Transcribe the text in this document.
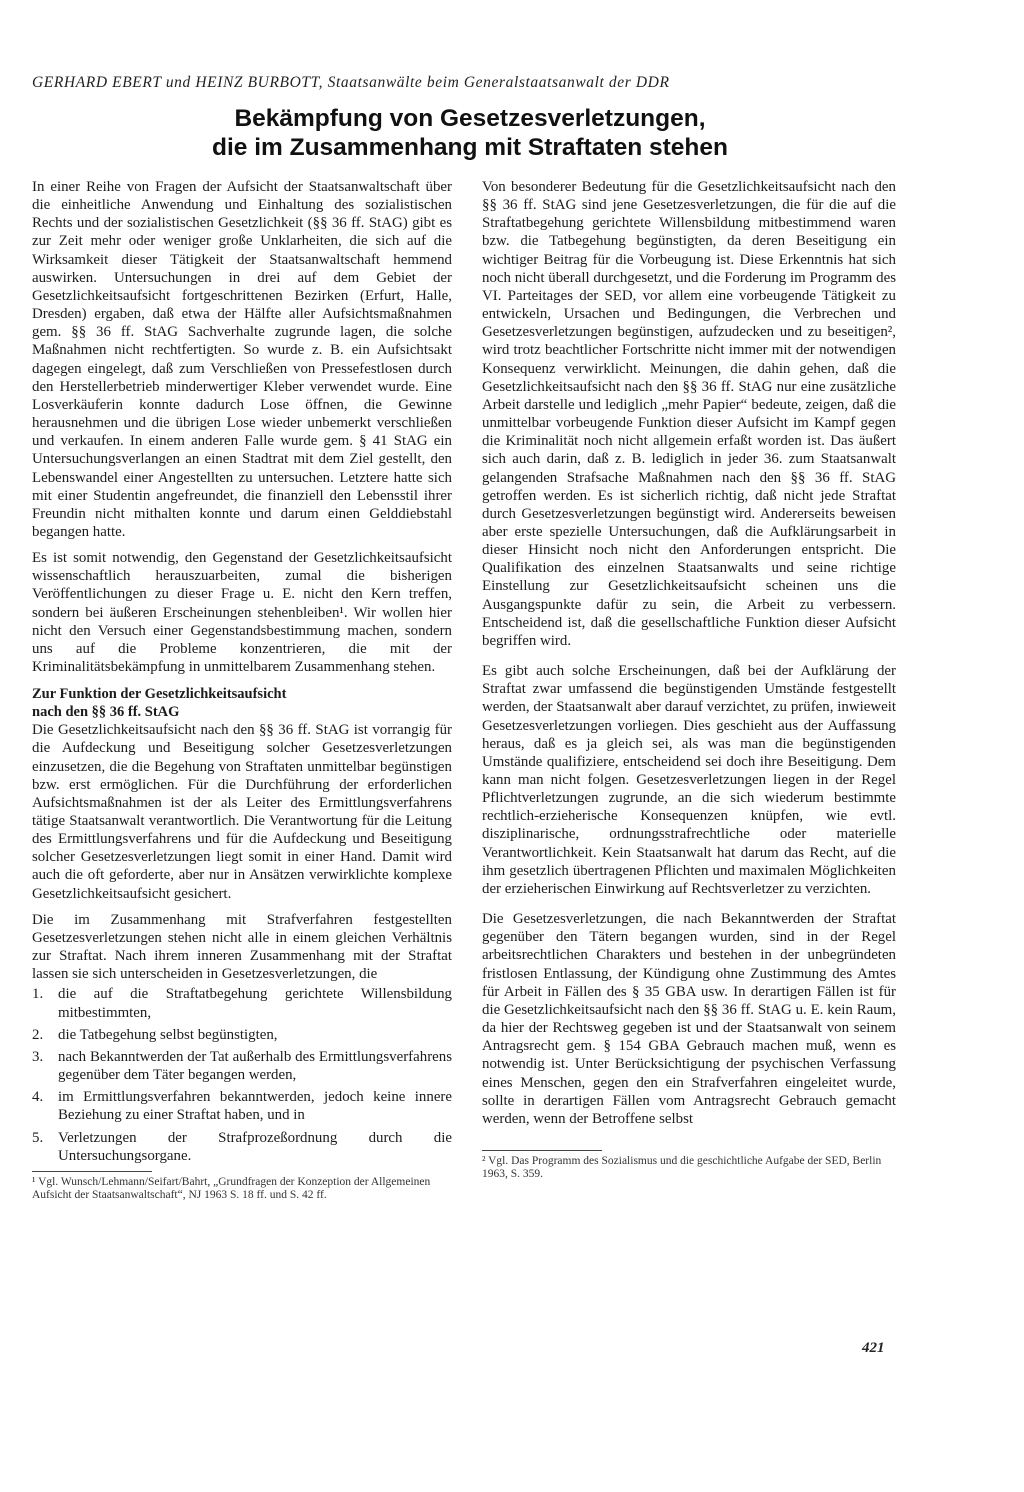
GERHARD EBERT und HEINZ BURBOTT, Staatsanwälte beim Generalstaatsanwalt der DDR
Bekämpfung von Gesetzesverletzungen,
die im Zusammenhang mit Straftaten stehen

In einer Reihe von Fragen der Aufsicht der Staatsanwaltschaft über die einheitliche Anwendung und Einhaltung des sozialistischen Rechts und der sozialistischen Gesetzlichkeit (§§ 36 ff. StAG) gibt es zur Zeit mehr oder weniger große Unklarheiten, die sich auf die Wirksamkeit dieser Tätigkeit der Staatsanwaltschaft hemmend auswirken. Untersuchungen in drei auf dem Gebiet der Gesetzlichkeitsaufsicht fortgeschrittenen Bezirken (Erfurt, Halle, Dresden) ergaben, daß etwa der Hälfte aller Aufsichtsmaßnahmen gem. §§ 36 ff. StAG Sachverhalte zugrunde lagen, die solche Maßnahmen nicht rechtfertigten. So wurde z. B. ein Aufsichtsakt dagegen eingelegt, daß zum Verschließen von Pressefestlosen durch den Herstellerbetrieb minderwertiger Kleber verwendet wurde. Eine Losverkäuferin konnte dadurch Lose öffnen, die Gewinne herausnehmen und die übrigen Lose wieder unbemerkt verschließen und verkaufen. In einem anderen Falle wurde gem. § 41 StAG ein Untersuchungsverlangen an einen Stadtrat mit dem Ziel gestellt, den Lebenswandel einer Angestellten zu untersuchen. Letztere hatte sich mit einer Studentin angefreundet, die finanziell den Lebensstil ihrer Freundin nicht mithalten konnte und darum einen Gelddiebstahl begangen hatte.

Es ist somit notwendig, den Gegenstand der Gesetzlichkeitsaufsicht wissenschaftlich herauszuarbeiten, zumal die bisherigen Veröffentlichungen zu dieser Frage u. E. nicht den Kern treffen, sondern bei äußeren Erscheinungen stehenbleiben¹. Wir wollen hier nicht den Versuch einer Gegenstandsbestimmung machen, sondern uns auf die Probleme konzentrieren, die mit der Kriminalitätsbekämpfung in unmittelbarem Zusammenhang stehen.

Zur Funktion der Gesetzlichkeitsaufsicht
nach den §§ 36 ff. StAG

Die Gesetzlichkeitsaufsicht nach den §§ 36 ff. StAG ist vorrangig für die Aufdeckung und Beseitigung solcher Gesetzesverletzungen einzusetzen, die die Begehung von Straftaten unmittelbar begünstigen bzw. erst ermöglichen. Für die Durchführung der erforderlichen Aufsichtsmaßnahmen ist der als Leiter des Ermittlungsverfahrens tätige Staatsanwalt verantwortlich. Die Verantwortung für die Leitung des Ermittlungsverfahrens und für die Aufdeckung und Beseitigung solcher Gesetzesverletzungen liegt somit in einer Hand. Damit wird auch die oft geforderte, aber nur in Ansätzen verwirklichte komplexe Gesetzlichkeitsaufsicht gesichert.

Die im Zusammenhang mit Strafverfahren festgestellten Gesetzesverletzungen stehen nicht alle in einem gleichen Verhältnis zur Straftat. Nach ihrem inneren Zusammenhang mit der Straftat lassen sie sich unterscheiden in Gesetzesverletzungen, die

1. die auf die Straftatbegehung gerichtete Willensbildung mitbestimmten,
2. die Tatbegehung selbst begünstigten,
3. nach Bekanntwerden der Tat außerhalb des Ermittlungsverfahrens gegenüber dem Täter begangen werden,
4. im Ermittlungsverfahren bekanntwerden, jedoch keine innere Beziehung zu einer Straftat haben, und in
5. Verletzungen der Strafprozeßordnung durch die Untersuchungsorgane.
¹ Vgl. Wunsch/Lehmann/Seifart/Bahrt, „Grundfragen der Konzeption der Allgemeinen Aufsicht der Staatsanwaltschaft“, NJ 1963 S. 18 ff. und S. 42 ff.

Von besonderer Bedeutung für die Gesetzlichkeitsaufsicht nach den §§ 36 ff. StAG sind jene Gesetzesverletzungen, die für die auf die Straftatbegehung gerichtete Willensbildung mitbestimmend waren bzw. die Tatbegehung begünstigten, da deren Beseitigung ein wichtiger Beitrag für die Vorbeugung ist. Diese Erkenntnis hat sich noch nicht überall durchgesetzt, und die Forderung im Programm des VI. Parteitages der SED, vor allem eine vorbeugende Tätigkeit zu entwickeln, Ursachen und Bedingungen, die Verbrechen und Gesetzesverletzungen begünstigen, aufzudecken und zu beseitigen², wird trotz beachtlicher Fortschritte nicht immer mit der notwendigen Konsequenz verwirklicht. Meinungen, die dahin gehen, daß die Gesetzlichkeitsaufsicht nach den §§ 36 ff. StAG nur eine zusätzliche Arbeit darstelle und lediglich „mehr Papier“ bedeute, zeigen, daß die unmittelbar vorbeugende Funktion dieser Aufsicht im Kampf gegen die Kriminalität noch nicht allgemein erfaßt worden ist. Das äußert sich auch darin, daß z. B. lediglich in jeder 36. zum Staatsanwalt gelangenden Strafsache Maßnahmen nach den §§ 36 ff. StAG getroffen werden. Es ist sicherlich richtig, daß nicht jede Straftat durch Gesetzesverletzungen begünstigt wird. Andererseits beweisen aber erste spezielle Untersuchungen, daß die Aufklärungsarbeit in dieser Hinsicht noch nicht den Anforderungen entspricht. Die Qualifikation des einzelnen Staatsanwalts und seine richtige Einstellung zur Gesetzlichkeitsaufsicht scheinen uns die Ausgangspunkte dafür zu sein, die Arbeit zu verbessern. Entscheidend ist, daß die gesellschaftliche Funktion dieser Aufsicht begriffen wird.

Es gibt auch solche Erscheinungen, daß bei der Aufklärung der Straftat zwar umfassend die begünstigenden Umstände festgestellt werden, der Staatsanwalt aber darauf verzichtet, zu prüfen, inwieweit Gesetzesverletzungen vorliegen. Dies geschieht aus der Auffassung heraus, daß es ja gleich sei, als was man die begünstigenden Umstände qualifiziere, entscheidend sei doch ihre Beseitigung. Dem kann man nicht folgen. Gesetzesverletzungen liegen in der Regel Pflichtverletzungen zugrunde, an die sich wiederum bestimmte rechtlich-erzieherische Konsequenzen knüpfen, wie evtl. disziplinarische, ordnungsstrafrechtliche oder materielle Verantwortlichkeit. Kein Staatsanwalt hat darum das Recht, auf die ihm gesetzlich übertragenen Pflichten und maximalen Möglichkeiten der erzieherischen Einwirkung auf Rechtsverletzer zu verzichten.

Die Gesetzesverletzungen, die nach Bekanntwerden der Straftat gegenüber den Tätern begangen wurden, sind in der Regel arbeitsrechtlichen Charakters und bestehen in der unbegründeten fristlosen Entlassung, der Kündigung ohne Zustimmung des Amtes für Arbeit in Fällen des § 35 GBA usw. In derartigen Fällen ist für die Gesetzlichkeitsaufsicht nach den §§ 36 ff. StAG u. E. kein Raum, da hier der Rechtsweg gegeben ist und der Staatsanwalt von seinem Antragsrecht gem. § 154 GBA Gebrauch machen muß, wenn es notwendig ist. Unter Berücksichtigung der psychischen Verfassung eines Menschen, gegen den ein Strafverfahren eingeleitet wurde, sollte in derartigen Fällen vom Antragsrecht Gebrauch gemacht werden, wenn der Betroffene selbst

² Vgl. Das Programm des Sozialismus und die geschichtliche Aufgabe der SED, Berlin 1963, S. 359.
421
